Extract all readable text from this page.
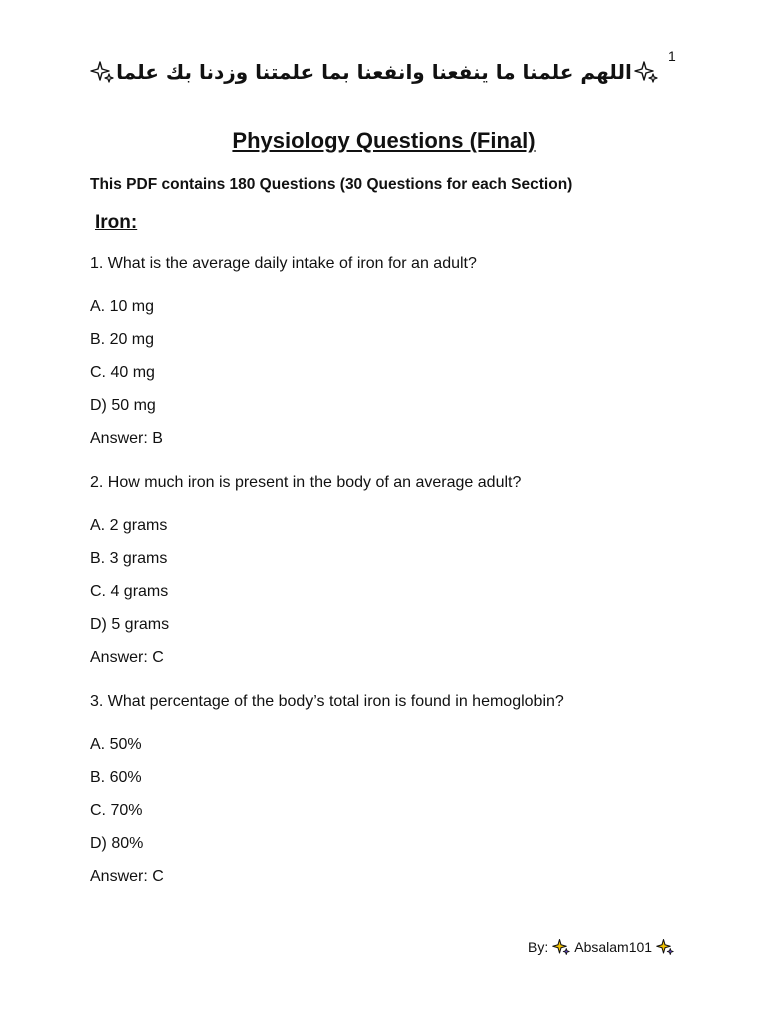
1
اللهم علمنا ما ينفعنا وانفعنا بما علمتنا وزدنا بك علما
Physiology Questions (Final)
This PDF contains 180 Questions (30 Questions for each Section)
Iron:
1. What is the average daily intake of iron for an adult?
A. 10 mg
B. 20 mg
C. 40 mg
D) 50 mg
Answer: B
2. How much iron is present in the body of an average adult?
A. 2 grams
B. 3 grams
C. 4 grams
D) 5 grams
Answer: C
3. What percentage of the body’s total iron is found in hemoglobin?
A. 50%
B. 60%
C. 70%
D) 80%
Answer: C
By: Absalam101
